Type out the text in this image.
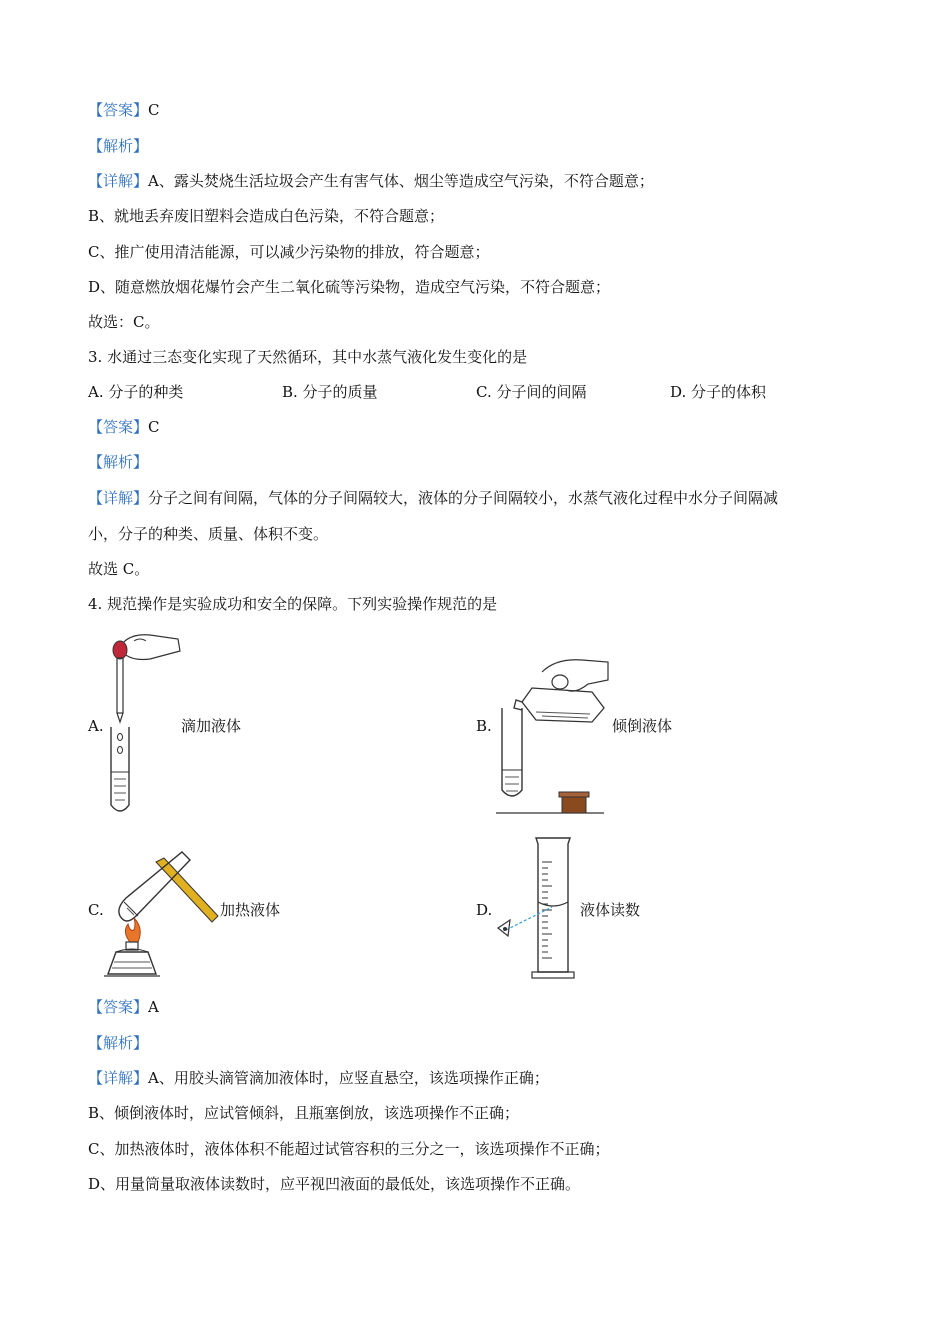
【答案】C
【解析】
【详解】A、露头焚烧生活垃圾会产生有害气体、烟尘等造成空气污染，不符合题意；
B、就地丢弃废旧塑料会造成白色污染，不符合题意；
C、推广使用清洁能源，可以减少污染物的排放，符合题意；
D、随意燃放烟花爆竹会产生二氧化硫等污染物，造成空气污染，不符合题意；
故选：C。
3. 水通过三态变化实现了天然循环，其中水蒸气液化发生变化的是
A. 分子的种类	B. 分子的质量	C. 分子间的间隔	D. 分子的体积
【答案】C
【解析】
【详解】分子之间有间隔，气体的分子间隔较大，液体的分子间隔较小，水蒸气液化过程中水分子间隔减
小，分子的种类、质量、体积不变。
故选 C。
4. 规范操作是实验成功和安全的保障。下列实验操作规范的是
A.	滴加液体	B.	倾倒液体
C.	加热液体	D.	液体读数
【答案】A
【解析】
【详解】A、用胶头滴管滴加液体时，应竖直悬空，该选项操作正确；
B、倾倒液体时，应试管倾斜，且瓶塞倒放，该选项操作不正确；
C、加热液体时，液体体积不能超过试管容积的三分之一，该选项操作不正确；
D、用量筒量取液体读数时，应平视凹液面的最低处，该选项操作不正确。
